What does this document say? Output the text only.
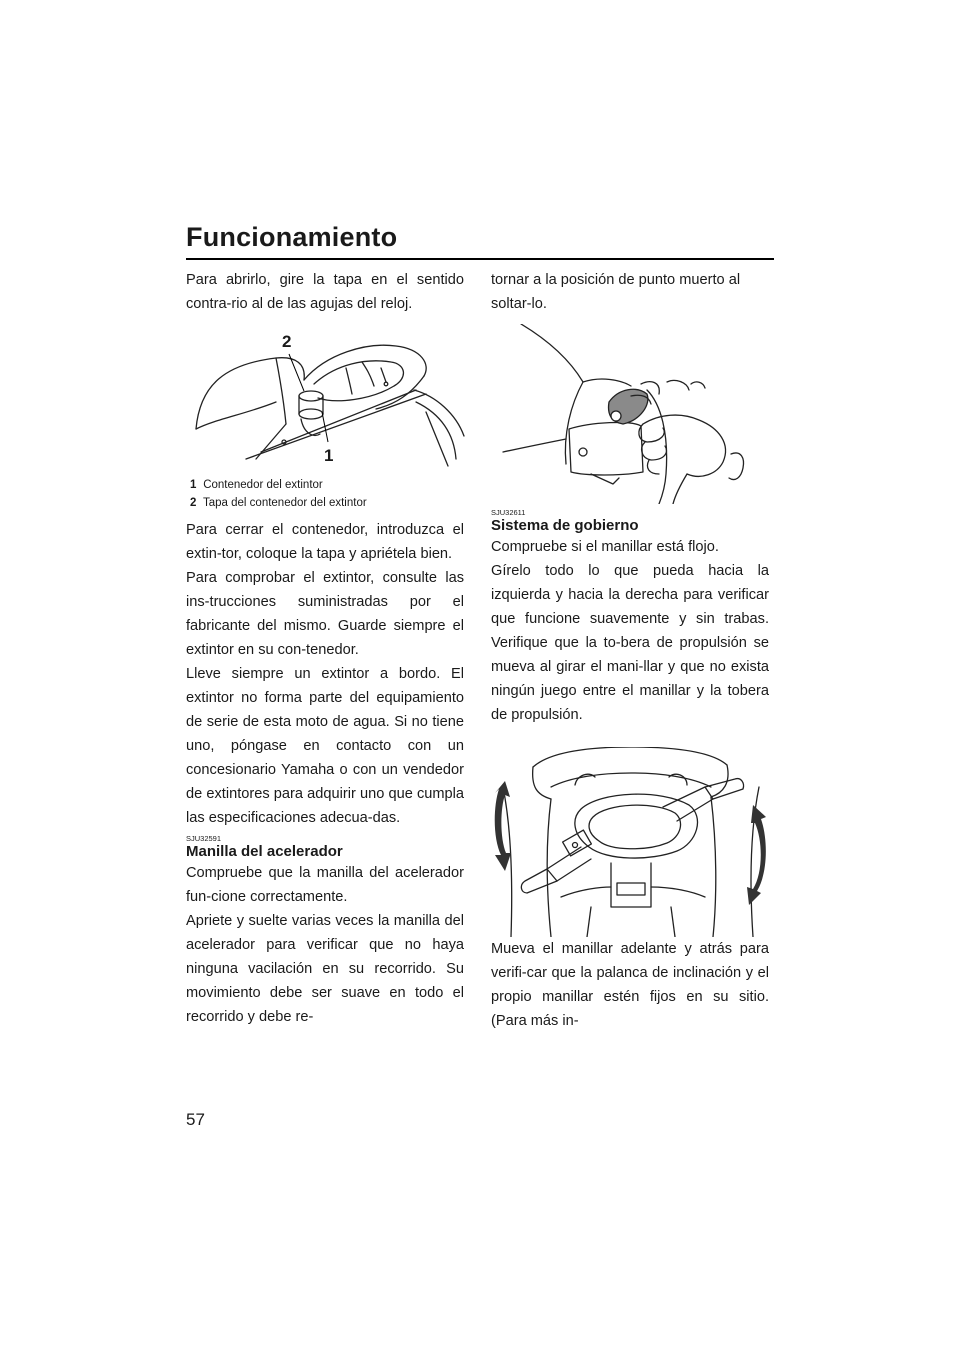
Funcionamiento

Para abrirlo, gire la tapa en el sentido contra-rio al de las agujas del reloj.

2
1
1 Contenedor del extintor
2 Tapa del contenedor del extintor

Para cerrar el contenedor, introduzca el extin-tor, coloque la tapa y apriétela bien.

Para comprobar el extintor, consulte las ins-trucciones suministradas por el fabricante del mismo. Guarde siempre el extintor en su con-tenedor.

Lleve siempre un extintor a bordo. El extintor no forma parte del equipamiento de serie de esta moto de agua. Si no tiene uno, póngase en contacto con un concesionario Yamaha o con un vendedor de extintores para adquirir uno que cumpla las especificaciones adecua-das.

SJU32591
Manilla del acelerador

Compruebe que la manilla del acelerador fun-cione correctamente.

Apriete y suelte varias veces la manilla del acelerador para verificar que no haya ninguna vacilación en su recorrido. Su movimiento debe ser suave en todo el recorrido y debe re-

tornar a la posición de punto muerto al soltar-lo.

SJU32611
Sistema de gobierno

Compruebe si el manillar está flojo.

Gírelo todo lo que pueda hacia la izquierda y hacia la derecha para verificar que funcione suavemente y sin trabas. Verifique que la to-bera de propulsión se mueva al girar el mani-llar y que no exista ningún juego entre el manillar y la tobera de propulsión.

Mueva el manillar adelante y atrás para verifi-car que la palanca de inclinación y el propio manillar estén fijos en su sitio. (Para más in-

57
